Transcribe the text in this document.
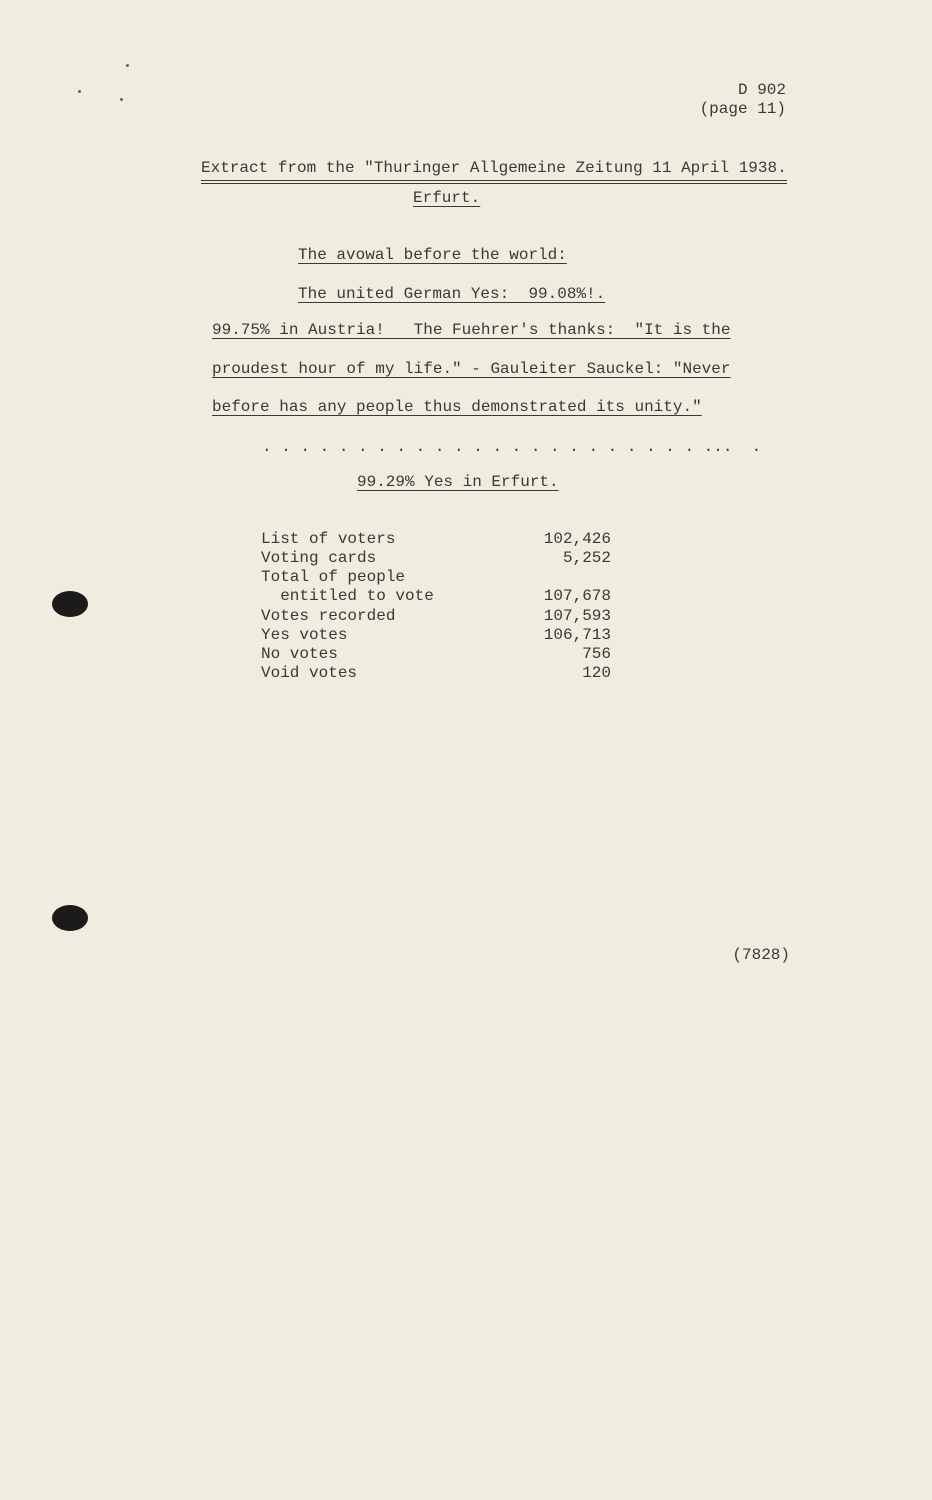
D 902
(page 11)
Extract from the "Thuringer Allgemeine Zeitung 11 April 1938.
Erfurt.
The avowal before the world:
The united German Yes:  99.08%!.
99.75% in Austria!   The Fuehrer's thanks:  "It is the
proudest hour of my life." - Gauleiter Sauckel: "Never
before has any people thus demonstrated its unity."
. . . . . . . . . . . . . . . . . . . . . . . ...  .
99.29% Yes in Erfurt.
List of voters	102,426
Voting cards	5,252
Total of people
entitled to vote	107,678
Votes recorded	107,593
Yes votes	106,713
No votes	756
Void votes	120
(7828)
